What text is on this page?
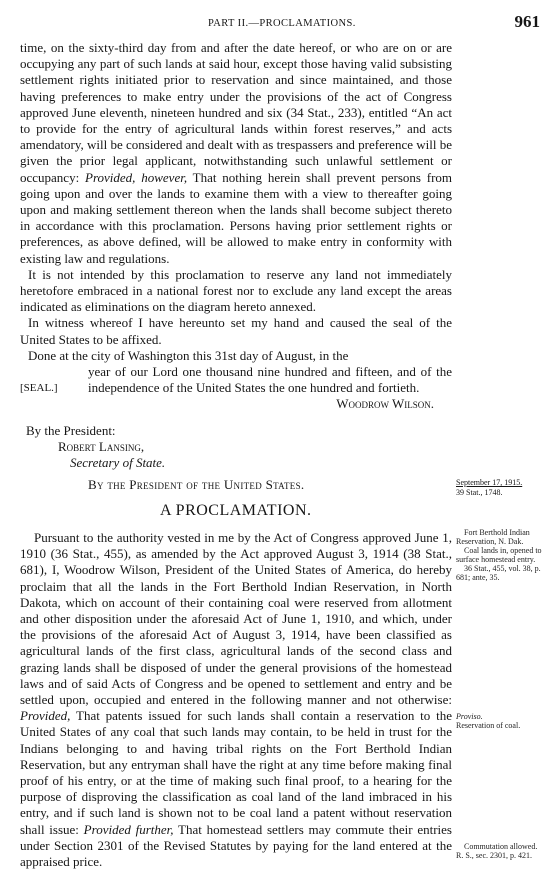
PART II.—PROCLAMATIONS.	961

time, on the sixty-third day from and after the date hereof, or who are on or are occupying any part of such lands at said hour, except those having valid subsisting settlement rights initiated prior to reservation and since maintained, and those having preferences to make entry under the provisions of the act of Congress approved June eleventh, nineteen hundred and six (34 Stat., 233), entitled “An act to provide for the entry of agricultural lands within forest reserves,” and acts amendatory, will be considered and dealt with as trespassers and preference will be given the prior legal applicant, notwithstanding such unlawful settlement or occupancy: Provided, however, That nothing herein shall prevent persons from going upon and over the lands to examine them with a view to thereafter going upon and making settlement thereon when the lands shall become subject thereto in accordance with this proclamation. Persons having prior settlement rights or preferences, as above defined, will be allowed to make entry in conformity with existing law and regulations.

It is not intended by this proclamation to reserve any land not immediately heretofore embraced in a national forest nor to exclude any land except the areas indicated as eliminations on the diagram hereto annexed.

In witness whereof I have hereunto set my hand and caused the seal of the United States to be affixed.

Done at the city of Washington this 31st day of August, in the
[SEAL.]
year of our Lord one thousand nine hundred and fifteen, and of the independence of the United States the one hundred and fortieth.
Woodrow Wilson.
By the President:
Robert Lansing,
Secretary of State.
By the President of the United States.
A PROCLAMATION.
September 17, 1915.
39 Stat., 1748.

Pursuant to the authority vested in me by the Act of Congress approved June 1, 1910 (36 Stat., 455), as amended by the Act approved August 3, 1914 (38 Stat., 681), I, Woodrow Wilson, President of the United States of America, do hereby proclaim that all the lands in the Fort Berthold Indian Reservation, in North Dakota, which on account of their containing coal were reserved from allotment and other disposition under the aforesaid Act of June 1, 1910, and which, under the provisions of the aforesaid Act of August 3, 1914, have been classified as agricultural lands of the first class, agricultural lands of the second class and grazing lands shall be disposed of under the general provisions of the homestead laws and of said Acts of Congress and be opened to settlement and entry and be settled upon, occupied and entered in the following manner and not otherwise: Provided, That patents issued for such lands shall contain a reservation to the United States of any coal that such lands may contain, to be held in trust for the Indians belonging to and having tribal rights on the Fort Berthold Indian Reservation, but any entryman shall have the right at any time before making final proof of his entry, or at the time of making such final proof, to a hearing for the purpose of disproving the classification as coal land of the land imbraced in his entry, and if such land is shown not to be coal land a patent without reservation shall issue: Provided further, That homestead settlers may commute their entries under Section 2301 of the Revised Statutes by paying for the land entered at the appraised price.

Fort Berthold Indian Reservation, N. Dak.
Coal lands in, opened to surface homestead entry.
36 Stat., 455, vol. 38, p. 681; ante, 35.
Proviso.
Reservation of coal.
Commutation allowed.
R. S., sec. 2301, p. 421.
